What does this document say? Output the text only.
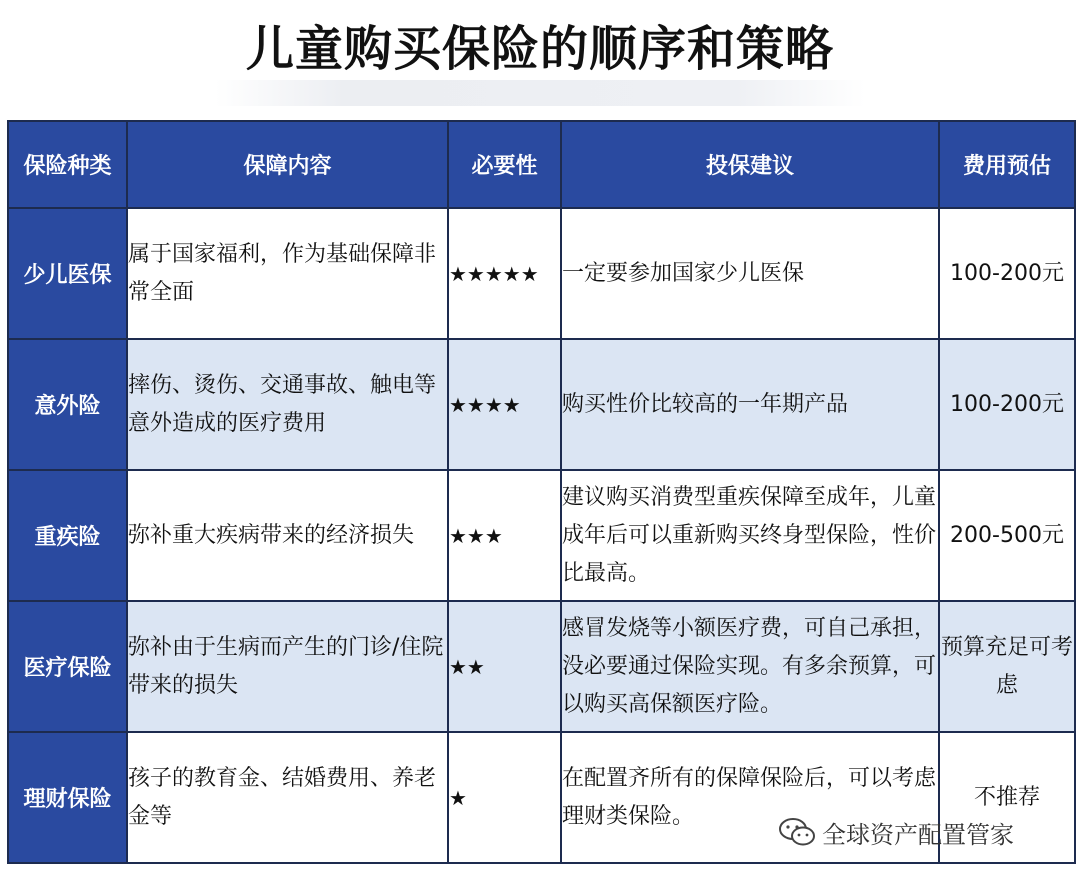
儿童购买保险的顺序和策略
保险种类	保障内容	必要性	投保建议	费用预估
少儿医保	属于国家福利，作为基础保障非常全面	★★★★★	一定要参加国家少儿医保	100-200元
意外险	摔伤、烫伤、交通事故、触电等意外造成的医疗费用	★★★★	购买性价比较高的一年期产品	100-200元
重疾险	弥补重大疾病带来的经济损失	★★★	建议购买消费型重疾保障至成年，儿童成年后可以重新购买终身型保险，性价比最高。	200-500元
医疗保险	弥补由于生病而产生的门诊/住院带来的损失	★★	感冒发烧等小额医疗费，可自己承担，没必要通过保险实现。有多余预算，可以购买高保额医疗险。	预算充足可考虑
理财保险	孩子的教育金、结婚费用、养老金等	★	在配置齐所有的保障保险后，可以考虑理财类保险。	不推荐
全球资产配置管家
